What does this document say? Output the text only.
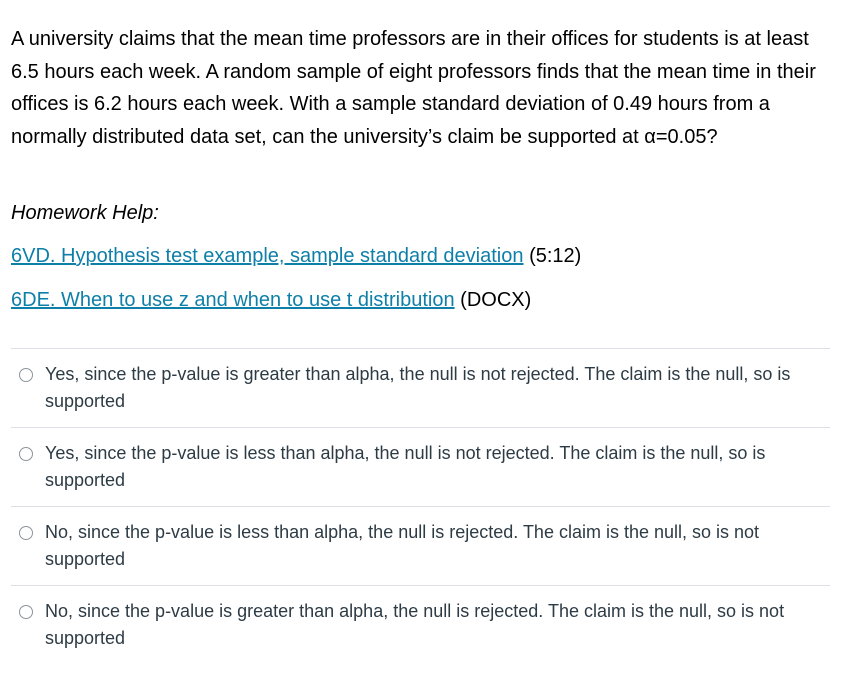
A university claims that the mean time professors are in their offices for students is at least 6.5 hours each week. A random sample of eight professors finds that the mean time in their offices is 6.2 hours each week. With a sample standard deviation of 0.49 hours from a normally distributed data set, can the university’s claim be supported at α=0.05?
Homework Help:
6VD. Hypothesis test example, sample standard deviation (5:12)
6DE. When to use z and when to use t distribution (DOCX)
Yes, since the p-value is greater than alpha, the null is not rejected. The claim is the null, so is supported
Yes, since the p-value is less than alpha, the null is not rejected. The claim is the null, so is supported
No, since the p-value is less than alpha, the null is rejected. The claim is the null, so is not supported
No, since the p-value is greater than alpha, the null is rejected. The claim is the null, so is not supported
